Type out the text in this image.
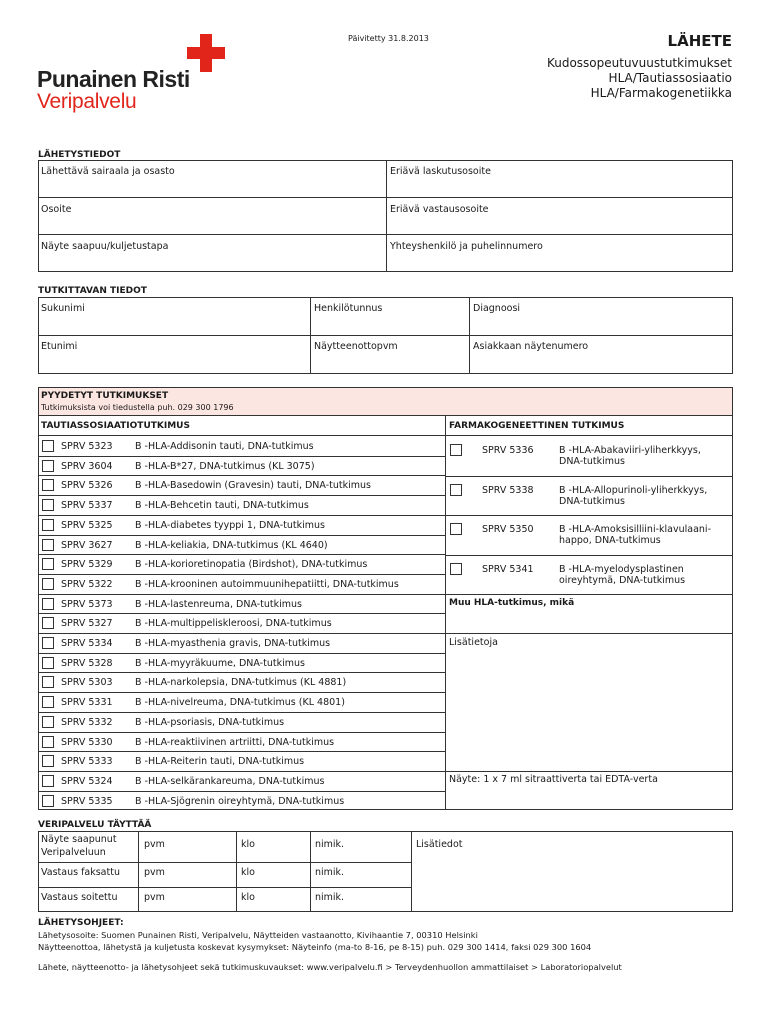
Punainen Risti
Veripalvelu
Päivitetty 31.8.2013	LÄHETE
Kudossopeutuvuustutkimukset
HLA/Tautiassosiaatio
HLA/Farmakogenetiikka
LÄHETYSTIEDOT
Lähettävä sairaala ja osasto	Eriävä laskutusosoite
Osoite	Eriävä vastausosoite
Näyte saapuu/kuljetustapa	Yhteyshenkilö ja puhelinnumero
TUTKITTAVAN TIEDOT
Sukunimi	Henkilötunnus	Diagnoosi
Etunimi	Näytteenottopvm	Asiakkaan näytenumero
PYYDETYT TUTKIMUKSET
Tutkimuksista voi tiedustella puh. 029 300 1796
TAUTIASSOSIAATIOTUTKIMUS	FARMAKOGENEETTINEN TUTKIMUS
SPRV 5323 B -HLA-Addisonin tauti, DNA-tutkimus
SPRV 3604 B -HLA-B*27, DNA-tutkimus (KL 3075)
SPRV 5326 B -HLA-Basedowin (Gravesin) tauti, DNA-tutkimus
SPRV 5337 B -HLA-Behcetin tauti, DNA-tutkimus
SPRV 5325 B -HLA-diabetes tyyppi 1, DNA-tutkimus
SPRV 3627 B -HLA-keliakia, DNA-tutkimus (KL 4640)
SPRV 5329 B -HLA-korioretinopatia (Birdshot), DNA-tutkimus
SPRV 5322 B -HLA-krooninen autoimmuunihepatiitti, DNA-tutkimus
SPRV 5373 B -HLA-lastenreuma, DNA-tutkimus
SPRV 5327 B -HLA-multippeliskleroosi, DNA-tutkimus
SPRV 5334 B -HLA-myasthenia gravis, DNA-tutkimus
SPRV 5328 B -HLA-myyräkuume, DNA-tutkimus
SPRV 5303 B -HLA-narkolepsia, DNA-tutkimus (KL 4881)
SPRV 5331 B -HLA-nivelreuma, DNA-tutkimus (KL 4801)
SPRV 5332 B -HLA-psoriasis, DNA-tutkimus
SPRV 5330 B -HLA-reaktiivinen artriitti, DNA-tutkimus
SPRV 5333 B -HLA-Reiterin tauti, DNA-tutkimus
SPRV 5324 B -HLA-selkärankareuma, DNA-tutkimus
SPRV 5335 B -HLA-Sjögrenin oireyhtymä, DNA-tutkimus
SPRV 5336	B -HLA-Abakaviiri-yliherkkyys,
DNA-tutkimus
SPRV 5338	B -HLA-Allopurinoli-yliherkkyys,
DNA-tutkimus
SPRV 5350	B -HLA-Amoksisilliini-klavulaani-
happo, DNA-tutkimus
SPRV 5341	B -HLA-myelodysplastinen
oireyhtymä, DNA-tutkimus
Muu HLA-tutkimus, mikä
Lisätietoja
Näyte: 1 x 7 ml sitraattiverta tai EDTA-verta
VERIPALVELU TÄYTTÄÄ
Näyte saapunut
Veripalveluun
pvm	klo	nimik.
Vastaus faksattu	pvm	klo	nimik.
Vastaus soitettu	pvm	klo	nimik.
Lisätiedot
LÄHETYSOHJEET:
Lähetysosoite: Suomen Punainen Risti, Veripalvelu, Näytteiden vastaanotto, Kivihaantie 7, 00310 Helsinki
Näytteenottoa, lähetystä ja kuljetusta koskevat kysymykset: Näyteinfo (ma-to 8-16, pe 8-15) puh. 029 300 1414, faksi 029 300 1604
Lähete, näytteenotto- ja lähetysohjeet sekä tutkimuskuvaukset: www.veripalvelu.fi > Terveydenhuollon ammattilaiset > Laboratoriopalvelut
